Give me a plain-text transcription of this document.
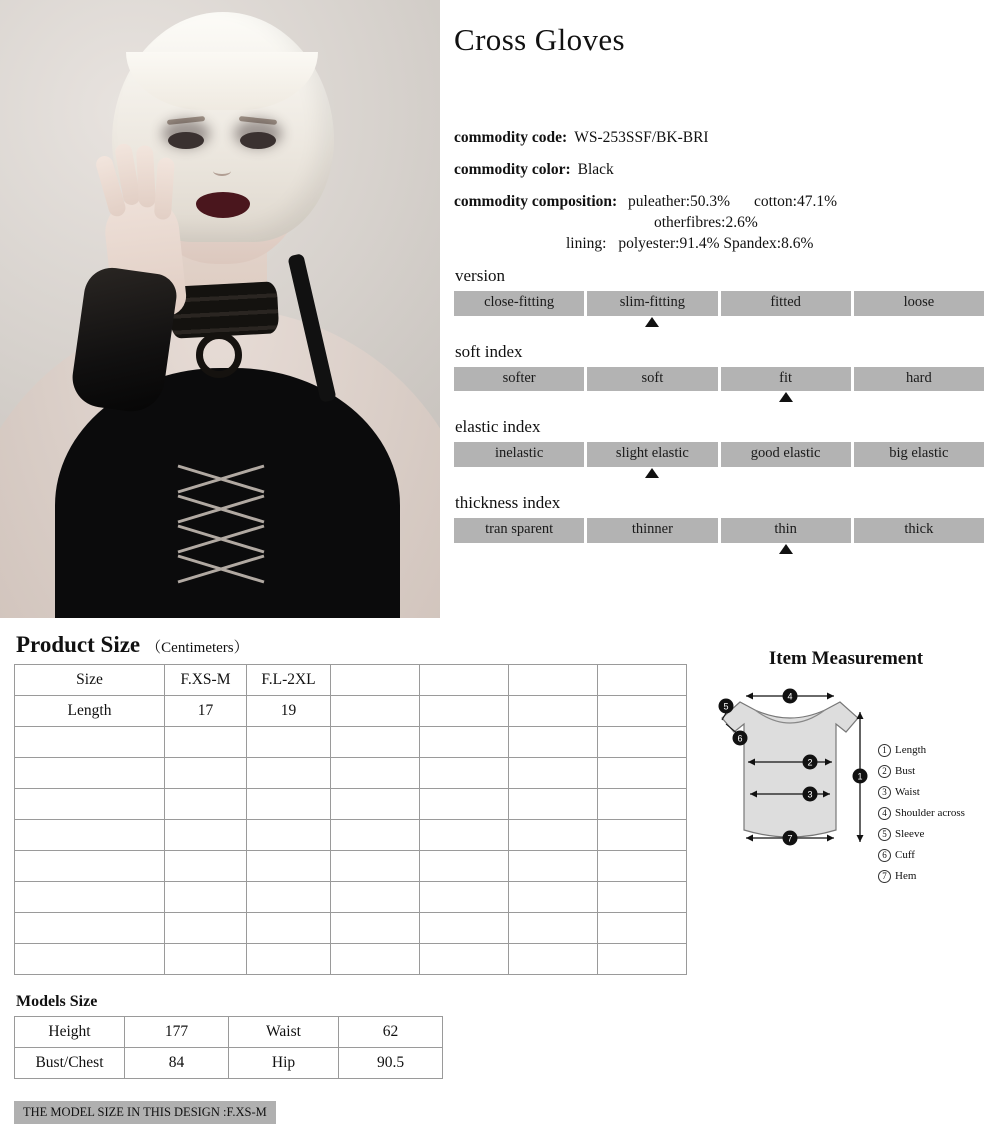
Cross Gloves
commodity code: WS-253SSF/BK-BRI
commodity color: Black
commodity composition: puleather:50.3% cotton:47.1%
otherfibres:2.6%
lining: polyester:91.4% Spandex:8.6%
version
close-fitting	slim-fitting	fitted	loose
soft index
softer	soft	fit	hard
elastic index
inelastic	slight elastic	good elastic	big elastic
thickness index
tran sparent	thinner	thin	thick
Product Size （Centimeters）
Size	F.XS-M	F.L-2XL				
Length	17	19				

Models Size
Height	177	Waist	62
Bust/Chest	84	Hip	90.5
THE MODEL SIZE IN THIS DESIGN :F.XS-M
Item Measurement
4
2
3
7
1
5
6
1 Length
2 Bust
3 Waist
4 Shoulder across
5 Sleeve
6 Cuff
7 Hem
